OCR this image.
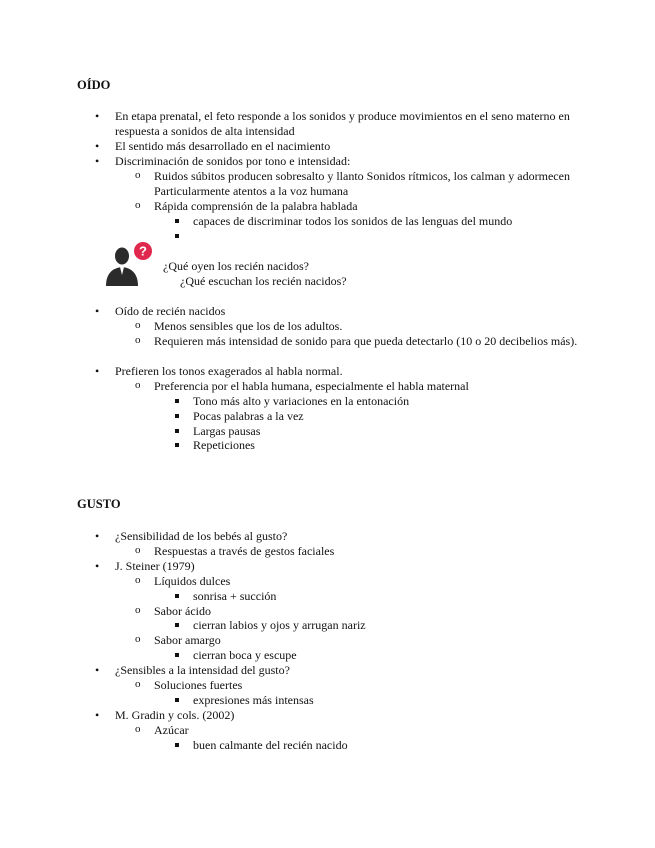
OÍDO
• En etapa prenatal, el feto responde a los sonidos y produce movimientos en el seno materno en respuesta a sonidos de alta intensidad
• El sentido más desarrollado en el nacimiento
• Discriminación de sonidos por tono e intensidad:
o Ruidos súbitos producen sobresalto y llanto Sonidos rítmicos, los calman y adormecen Particularmente atentos a la voz humana
o Rápida comprensión de la palabra hablada
capaces de discriminar todos los sonidos de las lenguas del mundo
?
¿Qué oyen los recién nacidos?
¿Qué escuchan los recién nacidos?
• Oído de recién nacidos
o Menos sensibles que los de los adultos.
o Requieren más intensidad de sonido para que pueda detectarlo (10 o 20 decibelios más).
• Prefieren los tonos exagerados al habla normal.
o Preferencia por el habla humana, especialmente el habla maternal
Tono más alto y variaciones en la entonación
Pocas palabras a la vez
Largas pausas
Repeticiones
GUSTO
• ¿Sensibilidad de los bebés al gusto?
o Respuestas a través de gestos faciales
• J. Steiner (1979)
o Líquidos dulces
sonrisa + succión
o Sabor ácido
cierran labios y ojos y arrugan nariz
o Sabor amargo
cierran boca y escupe
• ¿Sensibles a la intensidad del gusto?
o Soluciones fuertes
expresiones más intensas
• M. Gradin y cols. (2002)
o Azúcar
buen calmante del recién nacido
